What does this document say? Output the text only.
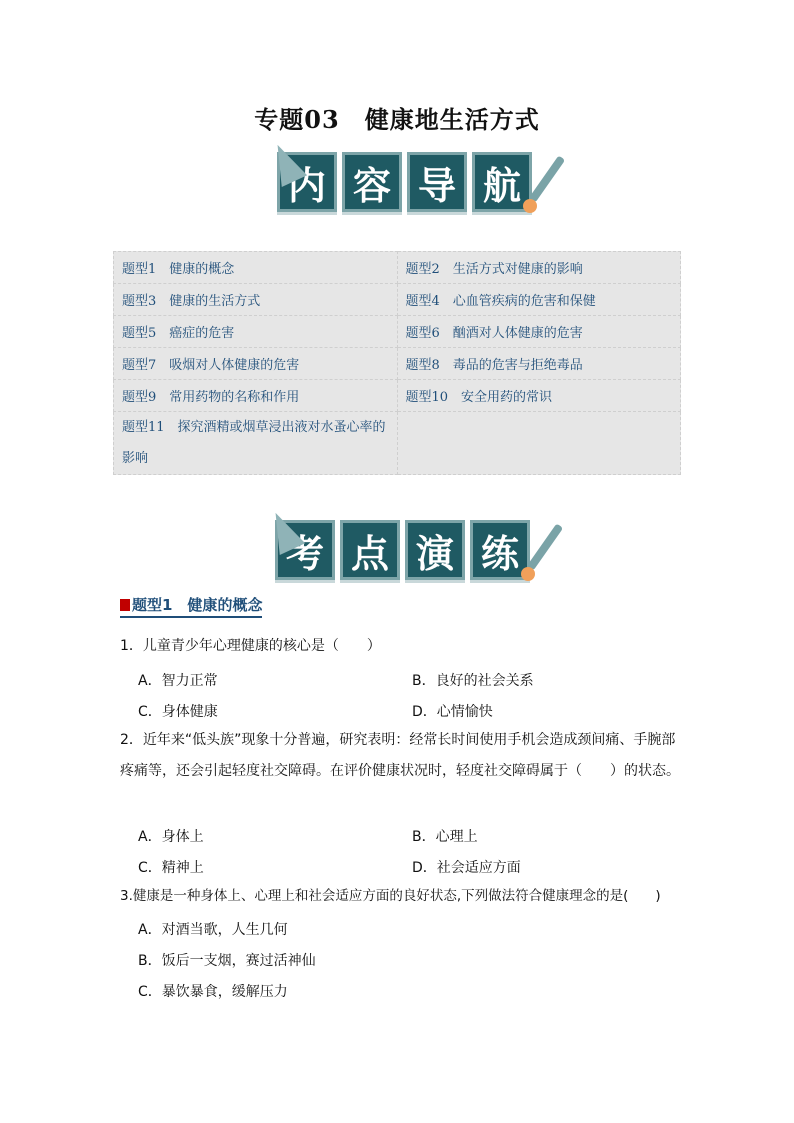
专题03　健康地生活方式
内 容 导 航
题型1　健康的概念	题型2　生活方式对健康的影响
题型3　健康的生活方式	题型4　心血管疾病的危害和保健
题型5　癌症的危害	题型6　酗酒对人体健康的危害
题型7　吸烟对人体健康的危害	题型8　毒品的危害与拒绝毒品
题型9　常用药物的名称和作用	题型10　安全用药的常识
题型11　探究酒精或烟草浸出液对水蚤心率的影响	
考 点 演 练
题型1　健康的概念
1．儿童青少年心理健康的核心是（　　）
A．智力正常	B．良好的社会关系
C．身体健康	D．心情愉快
2．近年来“低头族”现象十分普遍，研究表明：经常长时间使用手机会造成颈间痛、手腕部疼痛等，还会引起轻度社交障碍。在评价健康状况时，轻度社交障碍属于（　　）的状态。
A．身体上	B．心理上
C．精神上	D．社会适应方面
3.健康是一种身体上、心理上和社会适应方面的良好状态,下列做法符合健康理念的是(　　)
A．对酒当歌，人生几何
B．饭后一支烟，赛过活神仙
C．暴饮暴食，缓解压力
